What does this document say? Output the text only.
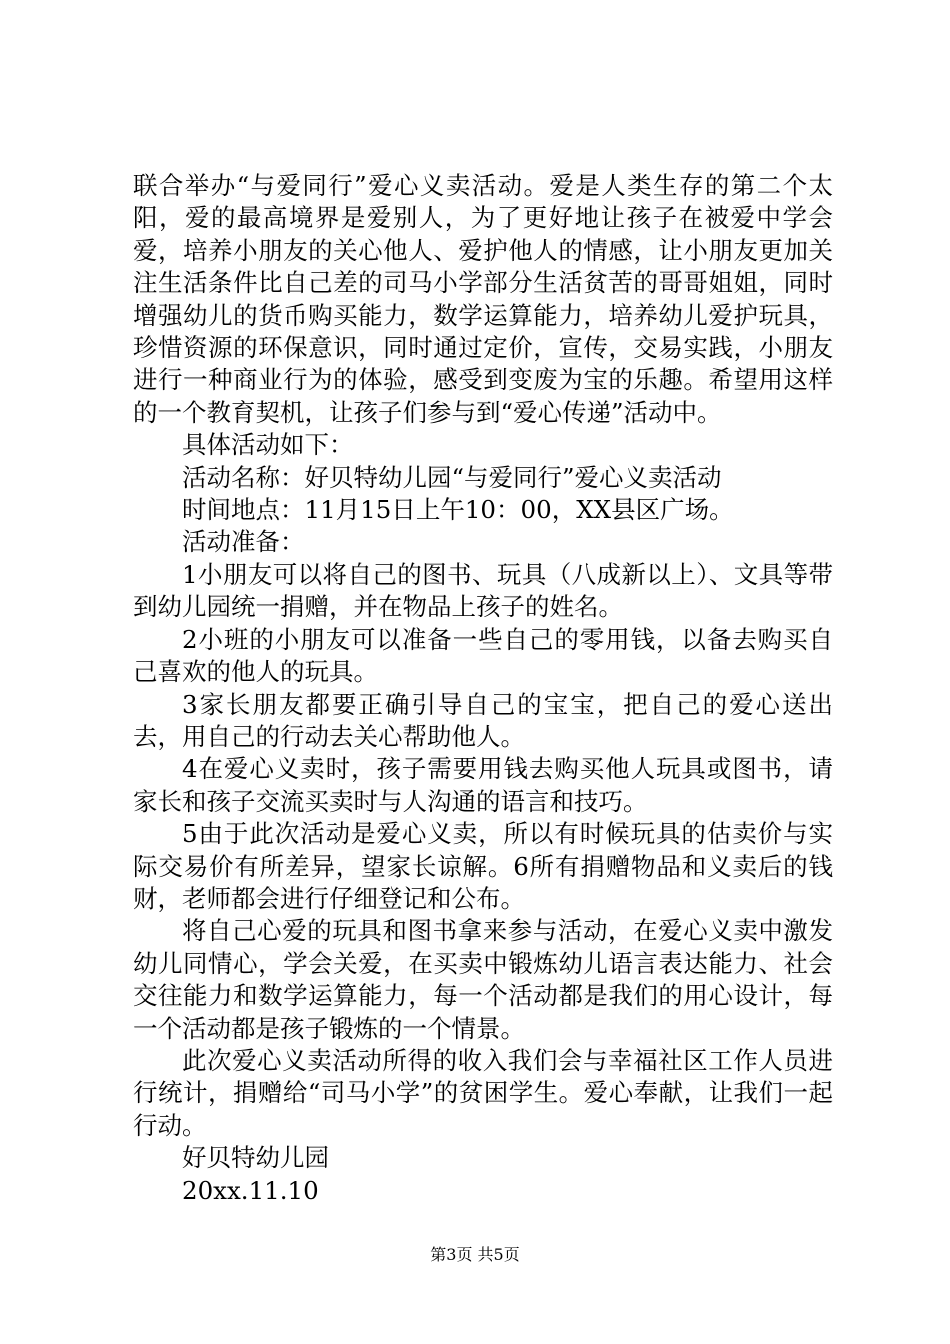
联合举办“与爱同行”爱心义卖活动。爱是人类生存的第二个太阳，爱的最高境界是爱别人，为了更好地让孩子在被爱中学会爱，培养小朋友的关心他人、爱护他人的情感，让小朋友更加关注生活条件比自己差的司马小学部分生活贫苦的哥哥姐姐，同时增强幼儿的货币购买能力，数学运算能力，培养幼儿爱护玩具，珍惜资源的环保意识，同时通过定价，宣传，交易实践，小朋友进行一种商业行为的体验，感受到变废为宝的乐趣。希望用这样的一个教育契机，让孩子们参与到“爱心传递”活动中。

具体活动如下：

活动名称：好贝特幼儿园“与爱同行”爱心义卖活动

时间地点：11月15日上午10：00，XX县区广场。

活动准备：

1小朋友可以将自己的图书、玩具（八成新以上）、文具等带到幼儿园统一捐赠，并在物品上孩子的姓名。

2小班的小朋友可以准备一些自己的零用钱，以备去购买自己喜欢的他人的玩具。

3家长朋友都要正确引导自己的宝宝，把自己的爱心送出去，用自己的行动去关心帮助他人。

4在爱心义卖时，孩子需要用钱去购买他人玩具或图书，请家长和孩子交流买卖时与人沟通的语言和技巧。

5由于此次活动是爱心义卖，所以有时候玩具的估卖价与实际交易价有所差异，望家长谅解。6所有捐赠物品和义卖后的钱财，老师都会进行仔细登记和公布。

将自己心爱的玩具和图书拿来参与活动，在爱心义卖中激发幼儿同情心，学会关爱，在买卖中锻炼幼儿语言表达能力、社会交往能力和数学运算能力，每一个活动都是我们的用心设计，每一个活动都是孩子锻炼的一个情景。

此次爱心义卖活动所得的收入我们会与幸福社区工作人员进行统计，捐赠给“司马小学”的贫困学生。爱心奉献，让我们一起行动。

好贝特幼儿园

20xx.11.10

第3页 共5页
